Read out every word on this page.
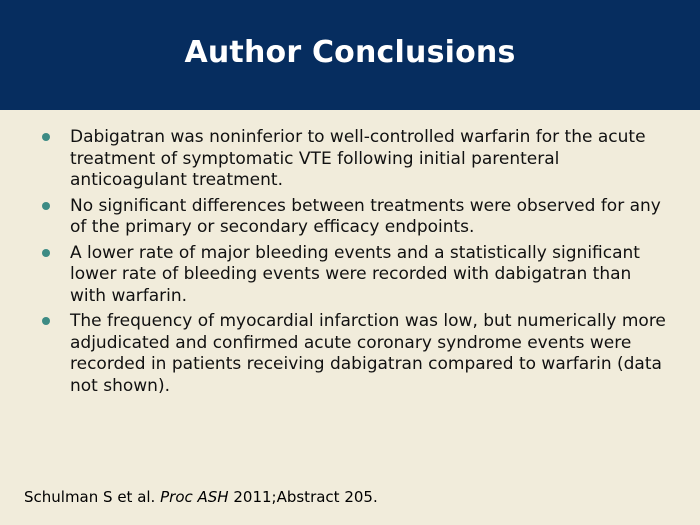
Author Conclusions
Dabigatran was noninferior to well-controlled warfarin for the acute treatment of symptomatic VTE following initial parenteral anticoagulant treatment.
No significant differences between treatments were observed for any of the primary or secondary efficacy endpoints.
A lower rate of major bleeding events and a statistically significant lower rate of bleeding events were recorded with dabigatran than with warfarin.
The frequency of myocardial infarction was low, but numerically more adjudicated and confirmed acute coronary syndrome events were recorded in patients receiving dabigatran compared to warfarin (data not shown).
Schulman S et al. Proc ASH 2011;Abstract 205.
